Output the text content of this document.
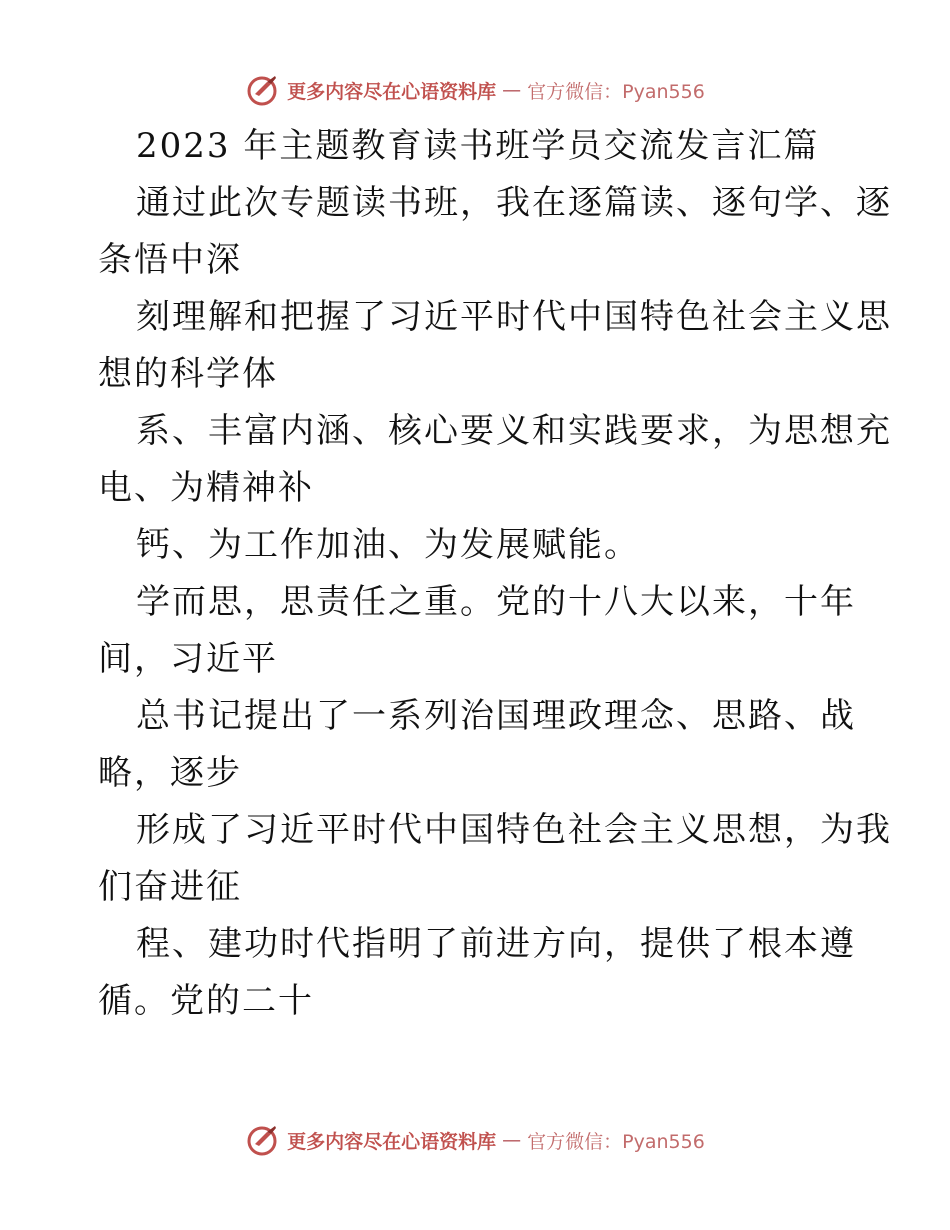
更多内容尽在心语资料库 — 官方微信：Pyan556
2023 年主题教育读书班学员交流发言汇篇
通过此次专题读书班，我在逐篇读、逐句学、逐
条悟中深
刻理解和把握了习近平时代中国特色社会主义思
想的科学体
系、丰富内涵、核心要义和实践要求，为思想充
电、为精神补
钙、为工作加油、为发展赋能。
学而思，思责任之重。党的十八大以来，十年
间，习近平
总书记提出了一系列治国理政理念、思路、战
略，逐步
形成了习近平时代中国特色社会主义思想，为我
们奋进征
程、建功时代指明了前进方向，提供了根本遵
循。党的二十
更多内容尽在心语资料库 — 官方微信：Pyan556
